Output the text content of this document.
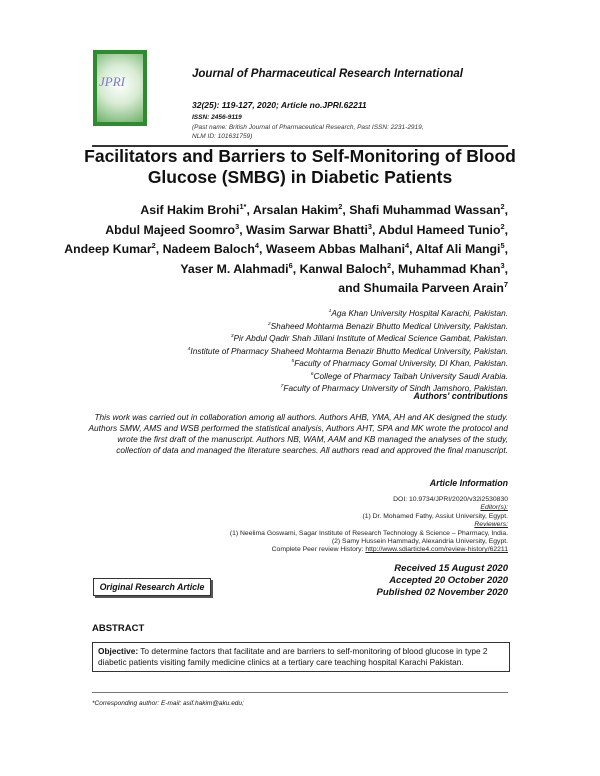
JPRI	Journal of Pharmaceutical Research International
32(25): 119-127, 2020; Article no.JPRI.62211
ISSN: 2456-9119
(Past name: British Journal of Pharmaceutical Research, Past ISSN: 2231-2919,
NLM ID: 101631759)
Facilitators and Barriers to Self-Monitoring of Blood
Glucose (SMBG) in Diabetic Patients
Asif Hakim Brohi$^{1*}$, Arsalan Hakim$^2$, Shafi Muhammad Wassan$^2$,
Abdul Majeed Soomro$^3$, Wasim Sarwar Bhatti$^3$, Abdul Hameed Tunio$^2$,
Andeep Kumar$^2$, Nadeem Baloch$^4$, Waseem Abbas Malhani$^4$, Altaf Ali Mangi$^5$,
Yaser M. Alahmadi$^6$, Kanwal Baloch$^2$, Muhammad Khan$^3$,
and Shumaila Parveen Arain$^7$
$^1$Aga Khan University Hospital Karachi, Pakistan.
$^2$Shaheed Mohtarma Benazir Bhutto Medical University, Pakistan.
$^3$Pir Abdul Qadir Shah Jillani Institute of Medical Science Gambat, Pakistan.
$^4$Institute of Pharmacy Shaheed Mohtarma Benazir Bhutto Medical University, Pakistan.
$^5$Faculty of Pharmacy Gomal University, DI Khan, Pakistan.
$^6$College of Pharmacy Taibah University Saudi Arabia.
$^7$Faculty of Pharmacy University of Sindh Jamshoro, Pakistan.
Authors' contributions
This work was carried out in collaboration among all authors. Authors AHB, YMA, AH and AK designed the study. Authors SMW, AMS and WSB performed the statistical analysis, Authors AHT, SPA and MK wrote the protocol and wrote the first draft of the manuscript. Authors NB, WAM, AAM and KB managed the analyses of the study, collection of data and managed the literature searches. All authors read and approved the final manuscript.
Article Information
DOI: 10.9734/JPRI/2020/v32i2530830
Editor(s):
(1) Dr. Mohamed Fathy, Assiut University, Egypt.
Reviewers:
(1) Neelima Goswami, Sagar Institute of Research Technology & Science – Pharmacy, India.
(2) Samy Hussein Hammady, Alexandria University, Egypt.
Complete Peer review History: http://www.sdiarticle4.com/review-history/62211
Original Research Article
Received 15 August 2020
Accepted 20 October 2020
Published 02 November 2020
ABSTRACT
Objective: To determine factors that facilitate and are barriers to self-monitoring of blood glucose in type 2 diabetic patients visiting family medicine clinics at a tertiary care teaching hospital Karachi Pakistan.
*Corresponding author: E-mail: asif.hakim@aku.edu;
